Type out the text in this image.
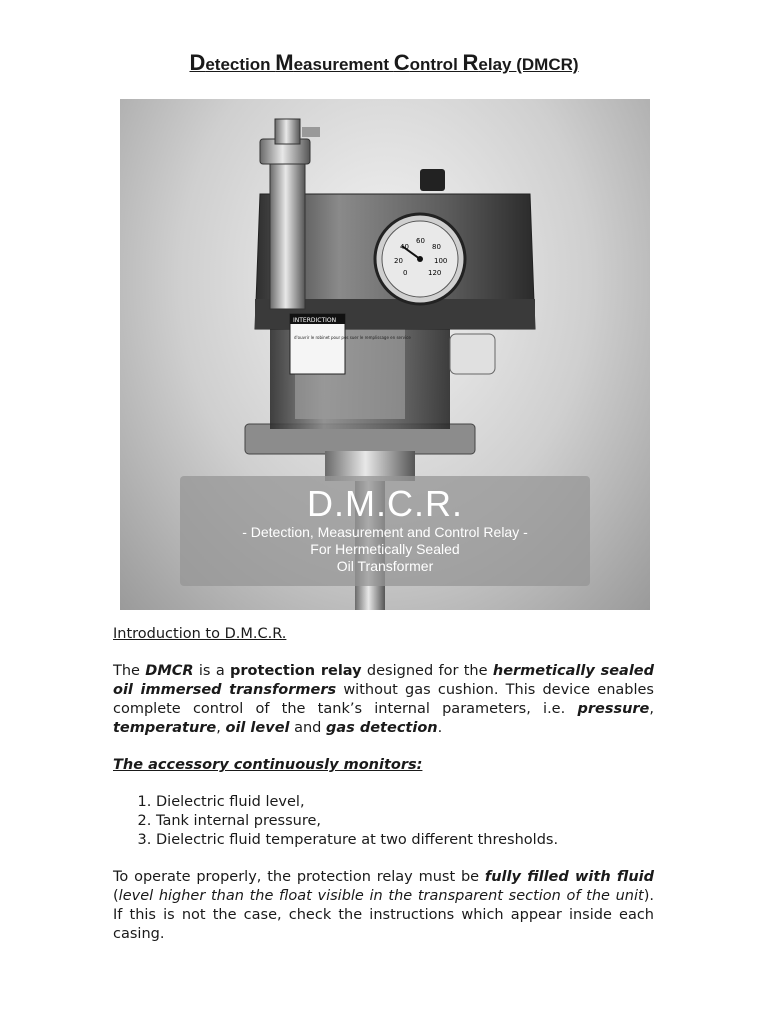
Detection Measurement Control Relay (DMCR)
0
20
40
60
80
100
120
INTERDICTION
d'ouvrir le robinet pour pos suer le remplissage en service
D.M.C.R.
- Detection, Measurement and Control Relay -
For Hermetically Sealed
Oil Transformer

Introduction to D.M.C.R.

The DMCR is a protection relay designed for the hermetically sealed oil immersed transformers without gas cushion. This device enables complete control of the tank’s internal parameters, i.e. pressure, temperature, oil level and gas detection.

The accessory continuously monitors:

1. Dielectric fluid level,
2. Tank internal pressure,
3. Dielectric fluid temperature at two different thresholds.

To operate properly, the protection relay must be fully filled with fluid (level higher than the float visible in the transparent section of the unit). If this is not the case, check the instructions which appear inside each casing.
